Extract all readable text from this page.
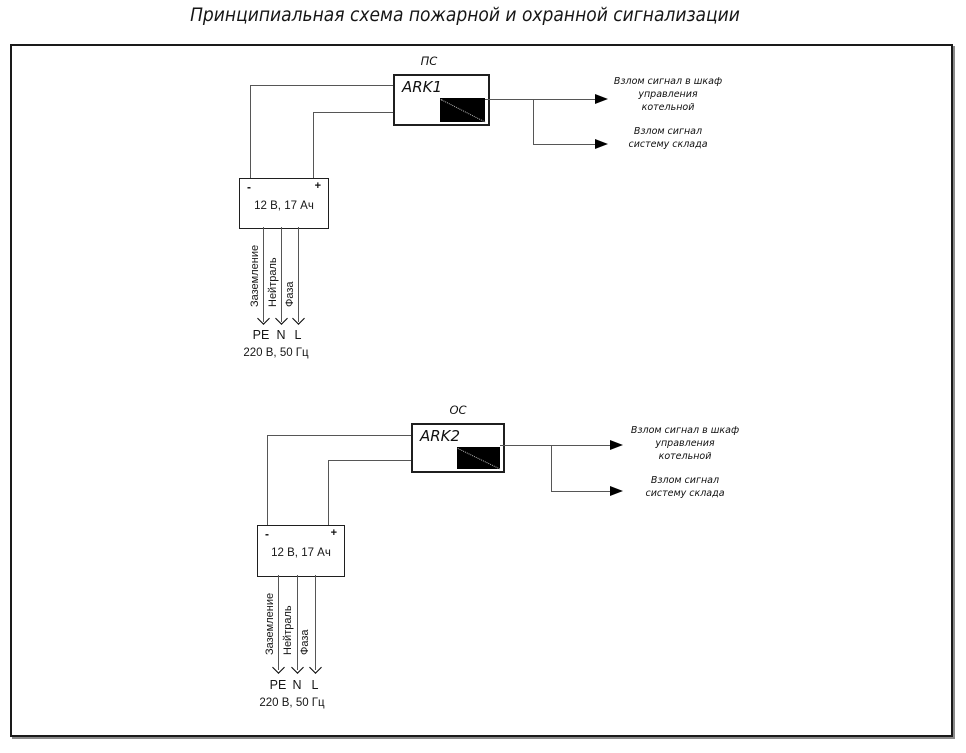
Принципиальная схема пожарной и охранной сигнализации
ПС
ARK1	Взлом сигнал в шкаф
управления
котельной
Взлом сигнал
систему склада
-	+
12 В, 17 Ач
Заземление Нейтраль Фаза
PE N L
220 В, 50 Гц
ОС
ARK2	Взлом сигнал в шкаф
управления
котельной
Взлом сигнал
систему склада
-	+
12 В, 17 Ач
Заземление Нейтраль Фаза
PE N L
220 В, 50 Гц
